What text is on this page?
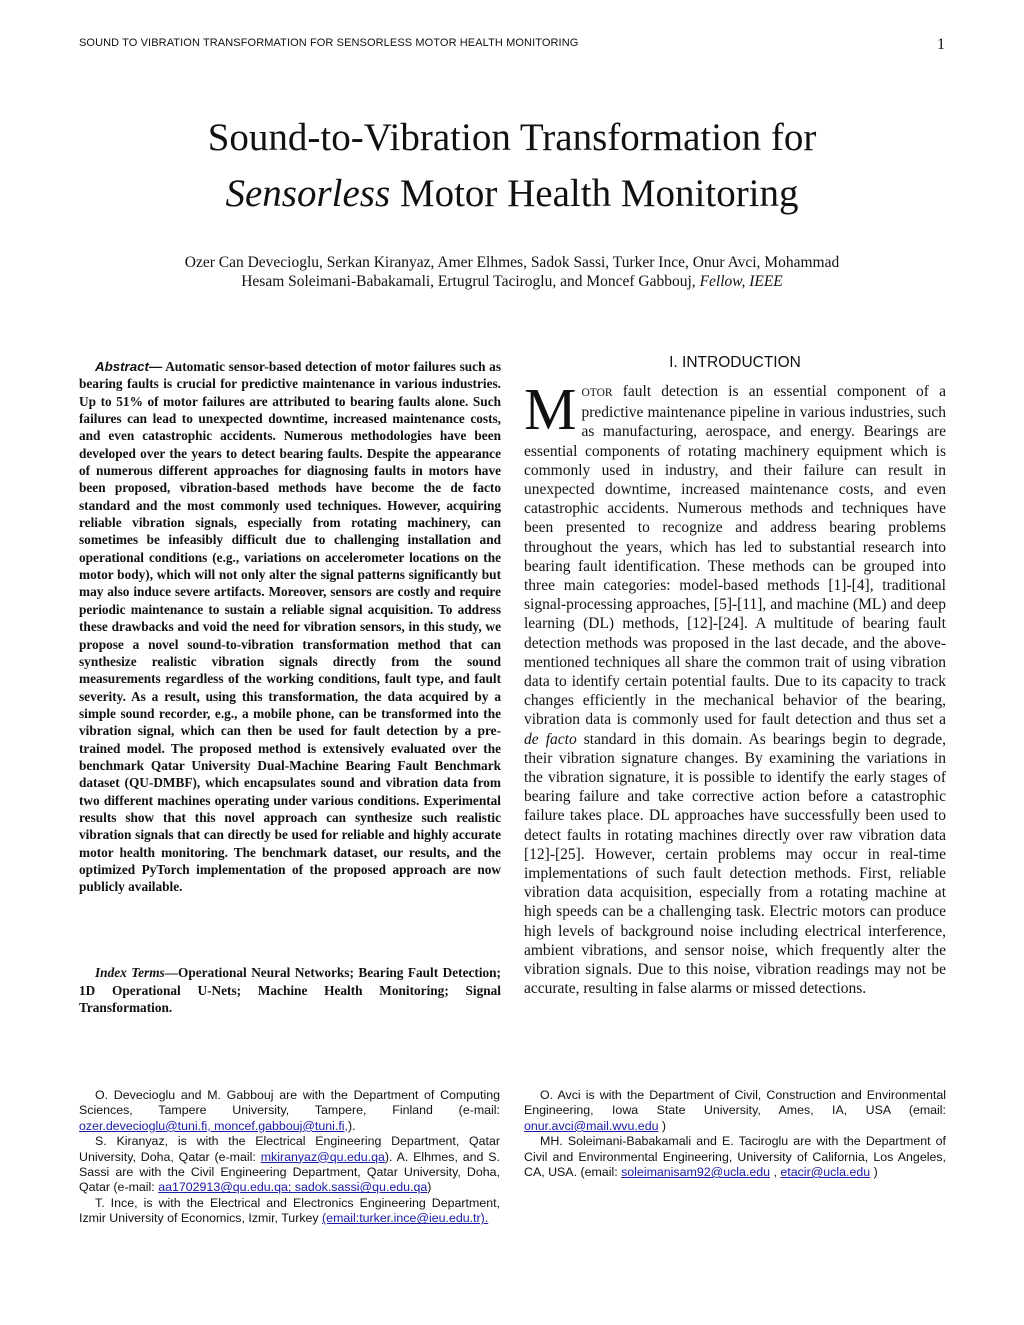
SOUND TO VIBRATION TRANSFORMATION FOR SENSORLESS MOTOR HEALTH MONITORING	1
Sound-to-Vibration Transformation for
Sensorless Motor Health Monitoring
Ozer Can Devecioglu, Serkan Kiranyaz, Amer Elhmes, Sadok Sassi, Turker Ince, Onur Avci, Mohammad
Hesam Soleimani-Babakamali, Ertugrul Tacirogl​u, and Moncef Gabbouj, Fellow, IEEE
Abstract— Automatic sensor-based detection of motor failures such as bearing faults is crucial for predictive maintenance in various industries. Up to 51% of motor failures are attributed to bearing faults alone. Such failures can lead to unexpected downtime, increased maintenance costs, and even catastrophic accidents. Numerous methodologies have been developed over the years to detect bearing faults. Despite the appearance of numerous different approaches for diagnosing faults in motors have been proposed, vibration-based methods have become the de facto standard and the most commonly used techniques. However, acquiring reliable vibration signals, especially from rotating machinery, can sometimes be infeasibly difficult due to challenging installation and operational conditions (e.g., variations on accelerometer locations on the motor body), which will not only alter the signal patterns significantly but may also induce severe artifacts. Moreover, sensors are costly and require periodic maintenance to sustain a reliable signal acquisition. To address these drawbacks and void the need for vibration sensors, in this study, we propose a novel sound-to-vibration transformation method that can synthesize realistic vibration signals directly from the sound measurements regardless of the working conditions, fault type, and fault severity. As a result, using this transformation, the data acquired by a simple sound recorder, e.g., a mobile phone, can be transformed into the vibration signal, which can then be used for fault detection by a pre-trained model. The proposed method is extensively evaluated over the benchmark Qatar University Dual-Machine Bearing Fault Benchmark dataset (QU-DMBF), which encapsulates sound and vibration data from two different machines operating under various conditions. Experimental results show that this novel approach can synthesize such realistic vibration signals that can directly be used for reliable and highly accurate motor health monitoring. The benchmark dataset, our results, and the optimized PyTorch implementation of the proposed approach are now publicly available.
Index Terms—Operational Neural Networks; Bearing Fault Detection; 1D Operational U-Nets; Machine Health Monitoring; Signal Transformation.
I. INTRODUCTION
MOTOR fault detection is an essential component of a predictive maintenance pipeline in various industries, such as manufacturing, aerospace, and energy. Bearings are essential components of rotating machinery equipment which is commonly used in industry, and their failure can result in unexpected downtime, increased maintenance costs, and even catastrophic accidents. Numerous methods and techniques have been presented to recognize and address bearing problems throughout the years, which has led to substantial research into bearing fault identification. These methods can be grouped into three main categories: model-based methods [1]-[4], traditional signal-processing approaches, [5]-[11], and machine (ML) and deep learning (DL) methods, [12]-[24]. A multitude of bearing fault detection methods was proposed in the last decade, and the above-mentioned techniques all share the common trait of using vibration data to identify certain potential faults. Due to its capacity to track changes efficiently in the mechanical behavior of the bearing, vibration data is commonly used for fault detection and thus set a de facto standard in this domain. As bearings begin to degrade, their vibration signature changes. By examining the variations in the vibration signature, it is possible to identify the early stages of bearing failure and take corrective action before a catastrophic failure takes place. DL approaches have successfully been used to detect faults in rotating machines directly over raw vibration data [12]-[25]. However, certain problems may occur in real-time implementations of such fault detection methods. First, reliable vibration data acquisition, especially from a rotating machine at high speeds can be a challenging task. Electric motors can produce high levels of background noise including electrical interference, ambient vibrations, and sensor noise, which frequently alter the vibration signals. Due to this noise, vibration readings may not be accurate, resulting in false alarms or missed detections.

O. Devecioglu and M. Gabbouj are with the Department of Computing Sciences, Tampere University, Tampere, Finland (e-mail: ozer.devecioglu@tuni.fi, moncef.gabbouj@tuni.fi,).

S. Kiranyaz, is with the Electrical Engineering Department, Qatar University, Doha, Qatar (e-mail: mkiranyaz@qu.edu.qa). A. Elhmes, and S. Sassi are with the Civil Engineering Department, Qatar University, Doha, Qatar (e-mail: aa1702913@qu.edu.qa; sadok.sassi@qu.edu.qa)

T. Ince, is with the Electrical and Electronics Engineering Department, Izmir University of Economics, Izmir, Turkey (email:turker.ince@ieu.edu.tr).

O. Avci is with the Department of Civil, Construction and Environmental Engineering, Iowa State University, Ames, IA, USA (email: onur.avci@mail.wvu.edu )

MH. Soleimani-Babakamali and E. Taciroglu are with the Department of Civil and Environmental Engineering, University of California, Los Angeles, CA, USA. (email: soleimanisam92@ucla.edu , etacir@ucla.edu )
